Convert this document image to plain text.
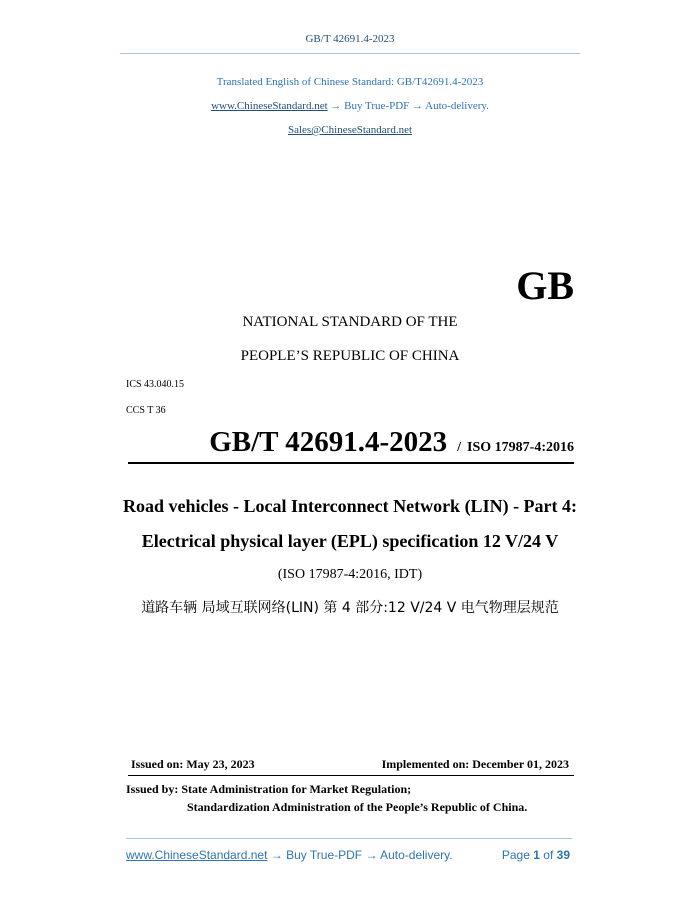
GB/T 42691.4-2023
Translated English of Chinese Standard: GB/T42691.4-2023
www.ChineseStandard.net → Buy True-PDF → Auto-delivery.
Sales@ChineseStandard.net
GB
NATIONAL STANDARD OF THE
PEOPLE’S REPUBLIC OF CHINA
ICS 43.040.15
CCS T 36
GB/T 42691.4-2023 / ISO 17987-4:2016
Road vehicles - Local Interconnect Network (LIN) - Part 4:
Electrical physical layer (EPL) specification 12 V/24 V
(ISO 17987-4:2016, IDT)
道路车辆 局域互联网络(LIN) 第 4 部分:12 V/24 V 电气物理层规范
Issued on: May 23, 2023	Implemented on: December 01, 2023
Issued by: State Administration for Market Regulation;
Standardization Administration of the People’s Republic of China.
www.ChineseStandard.net → Buy True-PDF → Auto-delivery.	Page 1 of 39
